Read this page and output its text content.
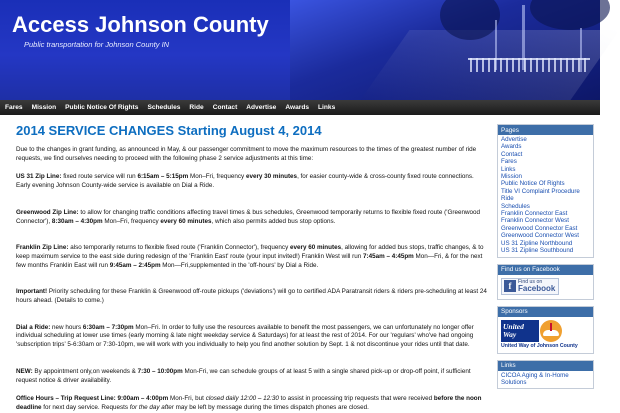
Access Johnson County
Public transportation for Johnson County IN
Fares Mission Public Notice Of Rights Schedules Ride Contact Advertise Awards Links
2014 SERVICE CHANGES Starting August 4, 2014

Due to the changes in grant funding, as announced in May, & our passenger commitment to move the maximum resources to the times of the greatest number of ride requests, we find ourselves needing to proceed with the following phase 2 service adjustments at this time:

US 31 Zip Line: fixed route service will run 6:15am – 5:15pm Mon–Fri, frequency every 30 minutes, for easier county-wide & cross-county fixed route connections. Early evening Johnson County-wide service is available on Dial a Ride.

Greenwood Zip Line: to allow for changing traffic conditions affecting travel times & bus schedules, Greenwood temporarily returns to flexible fixed route ('Greenwood Connector'), 8:30am – 4:30pm Mon–Fri, frequency every 60 minutes, which also permits added bus stop options.

Franklin Zip Line: also temporarily returns to flexible fixed route ('Franklin Connector'), frequency every 60 minutes, allowing for added bus stops, traffic changes, & to keep maximum service to the east side during redesign of the 'Franklin East' route (your input invited!) Franklin West will run 7:45am – 4:45pm Mon—Fri, & for the next few months Franklin East will run 9:45am – 2:45pm Mon—Fri,supplemented in the 'off-hours' by Dial a Ride.

Important! Priority scheduling for these Franklin & Greenwood off-route pickups ('deviations') will go to certified ADA Paratransit riders & riders pre-scheduling at least 24 hours ahead. (Details to come.)

Dial a Ride: new hours 6:30am – 7:30pm Mon–Fri. In order to fully use the resources available to benefit the most passengers, we can unfortunately no longer offer individual scheduling at lower use times (early morning & late night weekday service & Saturdays) for at least the rest of 2014. For our 'regulars' who've had ongoing 'subscription trips' 5-6:30am or 7:30-10pm, we will work with you individually to help you find another solution by Sept. 1 & not discontinue your rides until that date.

NEW: By appointment only,on weekends & 7:30 – 10:00pm Mon-Fri, we can schedule groups of at least 5 with a single shared pick-up or drop-off point, if sufficient request notice & driver availability.

Office Hours – Trip Request Line: 9:00am – 4:00pm Mon-Fri, but closed daily 12:00 – 12:30 to assist in processing trip requests that were received before the noon deadline for next day service. Requests for the day after may be left by message during the times dispatch phones are closed.

Pages
Advertise
Awards
Contact
Fares
Links
Mission
Public Notice Of Rights
Title VI Complaint Procedure
Ride
Schedules
Franklin Connector East
Franklin Connector West
Greenwood Connector East
Greenwood Connector West
US 31 Zipline Northbound
US 31 Zipline Southbound
Find us on Facebook
f	Find us on
Facebook
Sponsors
United Way
United Way of Johnson County
Links
CICOA Aging & In-Home Solutions
